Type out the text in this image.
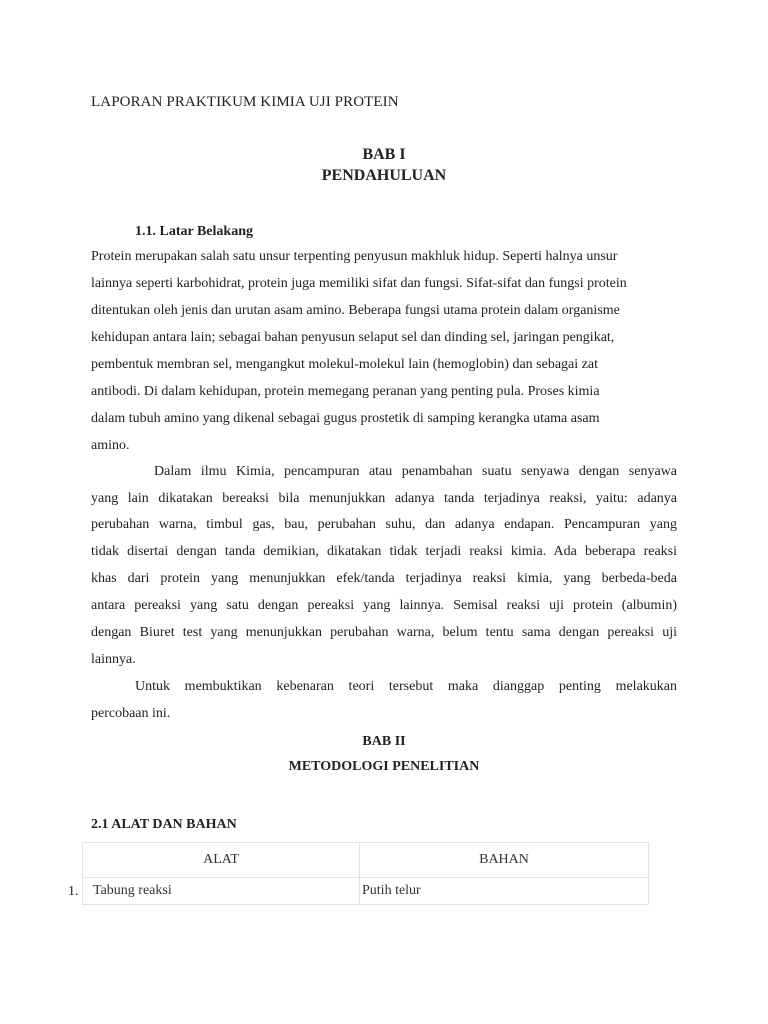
LAPORAN PRAKTIKUM KIMIA UJI PROTEIN
BAB I
PENDAHULUAN
1.1. Latar Belakang
Protein merupakan salah satu unsur terpenting penyusun makhluk hidup. Seperti halnya unsur
lainnya seperti karbohidrat, protein juga memiliki sifat dan fungsi. Sifat-sifat dan fungsi protein
ditentukan oleh jenis dan urutan asam amino. Beberapa fungsi utama protein dalam organisme
kehidupan antara lain; sebagai bahan penyusun selaput sel dan dinding sel, jaringan pengikat,
pembentuk membran sel, mengangkut molekul-molekul lain (hemoglobin) dan sebagai zat
antibodi. Di dalam kehidupan, protein memegang peranan yang penting pula. Proses kimia
dalam tubuh amino yang dikenal sebagai gugus prostetik di samping kerangka utama asam
amino.
Dalam ilmu Kimia, pencampuran atau penambahan suatu senyawa dengan senyawa
yang lain dikatakan bereaksi bila menunjukkan adanya tanda terjadinya reaksi, yaitu: adanya
perubahan warna, timbul gas, bau, perubahan suhu, dan adanya endapan. Pencampuran yang
tidak disertai dengan tanda demikian, dikatakan tidak terjadi reaksi kimia. Ada beberapa reaksi
khas dari protein yang menunjukkan efek/tanda terjadinya reaksi kimia, yang berbeda-beda
antara pereaksi yang satu dengan pereaksi yang lainnya. Semisal reaksi uji protein (albumin)
dengan Biuret test yang menunjukkan perubahan warna, belum tentu sama dengan pereaksi uji
lainnya.
Untuk membuktikan kebenaran teori tersebut maka dianggap penting melakukan
percobaan ini.
BAB II
METODOLOGI PENELITIAN
2.1 ALAT DAN BAHAN
1.
ALAT	BAHAN
Tabung reaksi	Putih telur
